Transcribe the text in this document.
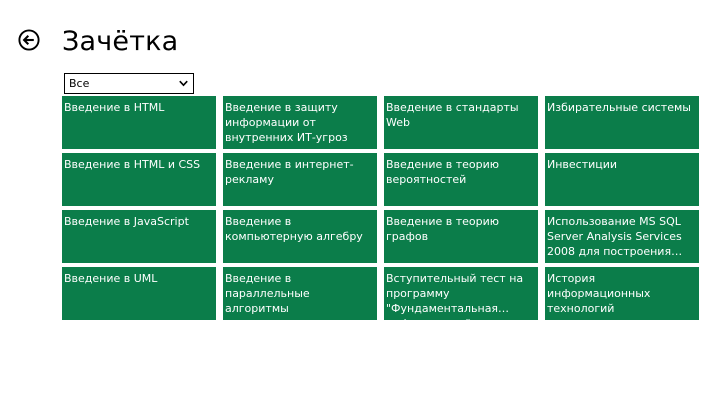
Зачётка
Все
Введение в HTML	Введение в защиту информации от внутренних ИТ-угроз
Введение в стандарты Web
Избирательные системы
Введение в HTML и CSS	Введение в интернет-рекламу
Введение в теорию вероятностей
Инвестиции
Введение в JavaScript	Введение в компьютерную алгебру
Введение в теорию графов
Использование MS SQL Server Analysis Services 2008 для построения
Введение в UML	Введение в параллельные алгоритмы
Вступительный тест на программу "Фундаментальная информатика"
История информационных технологий
